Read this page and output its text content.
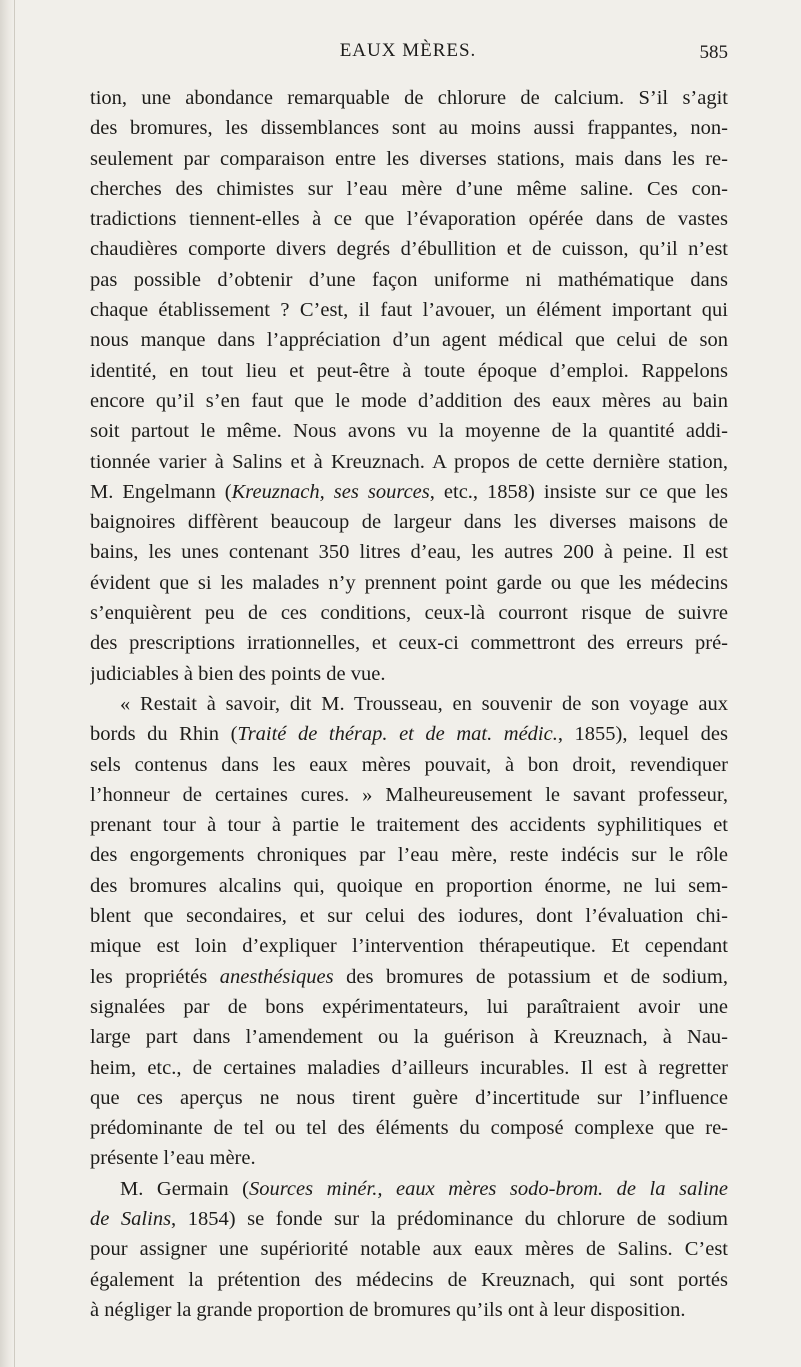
EAUX MÈRES.	585
tion, une abondance remarquable de chlorure de calcium. S’il s’agit
des bromures, les dissemblances sont au moins aussi frappantes, non-
seulement par comparaison entre les diverses stations, mais dans les re-
cherches des chimistes sur l’eau mère d’une même saline. Ces con-
tradictions tiennent-elles à ce que l’évaporation opérée dans de vastes
chaudières comporte divers degrés d’ébullition et de cuisson, qu’il n’est
pas possible d’obtenir d’une façon uniforme ni mathématique dans
chaque établissement ? C’est, il faut l’avouer, un élément important qui
nous manque dans l’appréciation d’un agent médical que celui de son
identité, en tout lieu et peut-être à toute époque d’emploi. Rappelons
encore qu’il s’en faut que le mode d’addition des eaux mères au bain
soit partout le même. Nous avons vu la moyenne de la quantité addi-
tionnée varier à Salins et à Kreuznach. A propos de cette dernière station,
M. Engelmann (Kreuznach, ses sources, etc., 1858) insiste sur ce que les
baignoires diffèrent beaucoup de largeur dans les diverses maisons de
bains, les unes contenant 350 litres d’eau, les autres 200 à peine. Il est
évident que si les malades n’y prennent point garde ou que les médecins
s’enquièrent peu de ces conditions, ceux-là courront risque de suivre
des prescriptions irrationnelles, et ceux-ci commettront des erreurs pré-
judiciables à bien des points de vue.
« Restait à savoir, dit M. Trousseau, en souvenir de son voyage aux
bords du Rhin (Traité de thérap. et de mat. médic., 1855), lequel des
sels contenus dans les eaux mères pouvait, à bon droit, revendiquer
l’honneur de certaines cures. » Malheureusement le savant professeur,
prenant tour à tour à partie le traitement des accidents syphilitiques et
des engorgements chroniques par l’eau mère, reste indécis sur le rôle
des bromures alcalins qui, quoique en proportion énorme, ne lui sem-
blent que secondaires, et sur celui des iodures, dont l’évaluation chi-
mique est loin d’expliquer l’intervention thérapeutique. Et cependant
les propriétés anesthésiques des bromures de potassium et de sodium,
signalées par de bons expérimentateurs, lui paraîtraient avoir une
large part dans l’amendement ou la guérison à Kreuznach, à Nau-
heim, etc., de certaines maladies d’ailleurs incurables. Il est à regretter
que ces aperçus ne nous tirent guère d’incertitude sur l’influence
prédominante de tel ou tel des éléments du composé complexe que re-
présente l’eau mère.
M. Germain (Sources minér., eaux mères sodo-brom. de la saline
de Salins, 1854) se fonde sur la prédominance du chlorure de sodium
pour assigner une supériorité notable aux eaux mères de Salins. C’est
également la prétention des médecins de Kreuznach, qui sont portés
à négliger la grande proportion de bromures qu’ils ont à leur disposition.
